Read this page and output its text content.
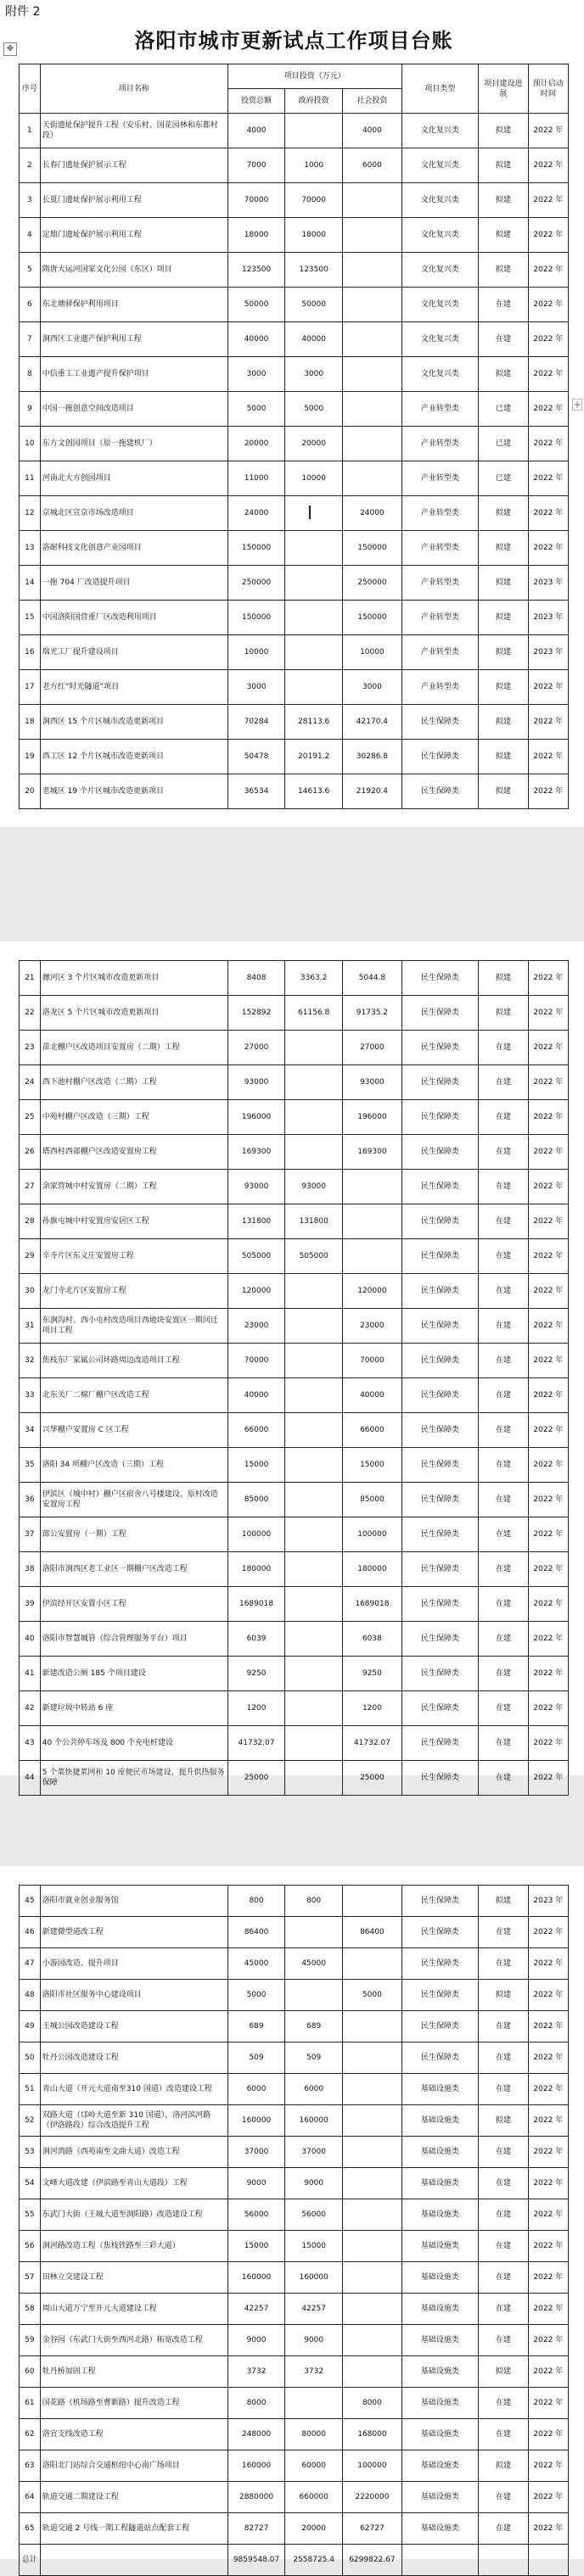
附件 2
✥	洛阳市城市更新试点工作项目台账
+
序号	项目名称	项目投资（万元）			项目类型	项目建设进展	预计启动时间
		投资总额	政府投资	社会投资			
1	天街遗址保护提升工程（安乐村、国花园林和东都村段）	4000		4000	文化复兴类	拟建	2022 年
2	长春门遗址保护展示工程	7000	1000	6000	文化复兴类	拟建	2022 年
3	长夏门遗址保护展示利用工程	70000	70000		文化复兴类	拟建	2022 年
4	定鼎门遗址保护展示利用工程	18000	18000		文化复兴类	拟建	2022 年
5	隋唐大运河国家文化公园（东区）项目	123500	123500		文化复兴类	拟建	2022 年
6	东北塘驿保护利用项目	50000	50000		文化复兴类	在建	2022 年
7	涧西区工业遗产保护利用工程	40000	40000		文化复兴类	在建	2022 年
8	中信重工工业遗产提升保护项目	3000	3000		文化复兴类	拟建	2022 年
9	中国一拖创意空间改造项目	5000	5000		产业转型类	已建	2022 年
10	东方文创园项目（原一拖建机厂）	20000	20000		产业转型类	已建	2022 年
11	河南北大方创园项目	11000	10000		产业转型类	已建	2022 年
12	京城北区宣京市场改造项目	24000		24000	产业转型类	拟建	2022 年
13	洛耐科技文化创意产业园项目	150000		150000	产业转型类	拟建	2022 年
14	一拖 704 厂改造提升项目	250000		250000	产业转型类	拟建	2023 年
15	中国洛阳国营重厂区改造利用项目	150000		150000	产业转型类	拟建	2023 年
16	瑞光工厂提升建设项目	10000		10000	产业转型类	拟建	2023 年
17	老方红“时光隧道”项目	3000		3000	产业转型类	拟建	2022 年
18	涧西区 15 个片区城市改造更新项目	70284	28113.6	42170.4	民生保障类	拟建	2022 年
19	西工区 12 个片区城市改造更新项目	50478	20191.2	30286.8	民生保障类	拟建	2022 年
20	老城区 19 个片区城市改造更新项目	36534	14613.6	21920.4	民生保障类	拟建	2022 年
21	瀍河区 3 个片区城市改造更新项目	8408	3363.2	5044.8	民生保障类	拟建	2022 年
22	洛龙区 5 个片区城市改造更新项目	152892	61156.8	91735.2	民生保障类	拟建	2022 年
23	苗北棚户区改造项目安置房（二期）工程	27000		27000	民生保障类	在建	2022 年
24	西下池村棚户区改造（二期）工程	93000		93000	民生保障类	在建	2022 年
25	中苑村棚户区改造（三期）工程	196000		196000	民生保障类	在建	2022 年
26	塔西村西部棚户区改造安置房工程	169300		169300	民生保障类	在建	2022 年
27	余家营城中村安置房（二期）工程	93000	93000		民生保障类	在建	2022 年
28	孙旗屯城中村安置房安居区工程	131800	131800		民生保障类	在建	2022 年
29	辛寺片区东义庄安置房工程	505000	505000		民生保障类	在建	2022 年
30	龙门寺北片区安置房工程	120000		120000	民生保障类	在建	2022 年
31	东涧沟村、西小屯村改造项目西地块安置区一期回迁项目工程	23000		23000	民生保障类	在建	2022 年
32	焦枝东厂家属公司环路周边改造项目工程	70000		70000	民生保障类	在建	2022 年
33	北东关厂二棉厂棚户区改造工程	40000		40000	民生保障类	在建	2022 年
34	兴华棚户安置房 C 区工程	66000		66000	民生保障类	在建	2022 年
35	洛阳 34 所棚户区改造（三期）工程	15000		15000	民生保障类	在建	2022 年
36	伊滨区（城中村）棚户区宿舍八号楼建设、原村改造安置房工程	85000		85000	民生保障类	在建	2022 年
37	郎公安置房（一期）工程	100000		100000	民生保障类	在建	2022 年
38	洛阳市涧西区老工业区一期棚户区改造工程	180000		180000	民生保障类	在建	2022 年
39	伊滨经开区安置小区工程	1689018		1689018	民生保障类	在建	2022 年
40	洛阳市智慧城管（综合管理服务平台）项目	6039		6038	民生保障类	在建	2022 年
41	新建改造公厕 185 个项目建设	9250		9250	民生保障类	在建	2022 年
42	新建垃圾中转站 6 座	1200		1200	民生保障类	在建	2022 年
43	40 个公共停车场及 800 个充电桩建设	41732.07		41732.07	民生保障类	在建	2022 年
44	5 个菜快捷菜网和 10 座便民市场建设、提升供热服务保障	25000		25000	民生保障类	在建	2022 年
45	洛阳市就业创业服务馆	800	800		民生保障类	拟建	2023 年
46	新建微型道改工程	86400		86400	民生保障类	在建	2022 年
47	小游园改造、提升项目	45000	45000		民生保障类	在建	2022 年
48	洛阳市社区服务中心建设项目	5000		5000	民生保障类	拟建	2022 年
49	王城公园改造建设工程	689	689		民生保障类	在建	2022 年
50	牡丹公园改造建设工程	509	509		民生保障类	在建	2022 年
51	青山大道（开元大道南至310 国道）改造建设工程	6000	6000		基础设施类	在建	2022 年
52	双路大道（邙岭大道至新 310 国道），洛河滨河路（伊洛路段）综合改造提升工程	160000	160000		基础设施类	拟建	2022 年
53	涧河湾路（西苑南至文曲大道）改造工程	37000	37000		基础设施类	在建	2022 年
54	文峰大道改建（伊滨路至青山大道段）工程	9000	9000		基础设施类	在建	2022 年
55	东武门大街（王城大道至洞阳路）改造建设工程	56000	56000		基础设施类	在建	2022 年
56	涧河路改造工程（焦枝铁路至三彩大道）	15000	15000		基础设施类	在建	2022 年
57	田林立交建设工程	160000	160000		基础设施类	在建	2022 年
58	周山大道万宁至开元大道建设工程	42257	42257		基础设施类	在建	2022 年
59	金谷园（东武门大街至西河北路）拓宽改造工程	9000	9000		基础设施类	在建	2022 年
60	牡丹桥加固工程	3732	3732		基础设施类	拟建	2022 年
61	国花路（机场路至曹新路）提升改造工程	8000		8000	基础设施类	在建	2022 年
62	洛宜支线改造工程	248000	80000	168000	基础设施类	在建	2022 年
63	洛阳北门站综合交通枢纽中心南广场项目	160000	60000	100000	基础设施类	拟建	2022 年
64	轨道交通二期建设工程	2880000	660000	2220000	基础设施类	在建	2022 年
65	轨道交通 2 号线一期工程隧道站点配套工程	82727	20000	62727	基础设施类	在建	2022 年
总计		9859548.07	2558725.4	6299822.67			
